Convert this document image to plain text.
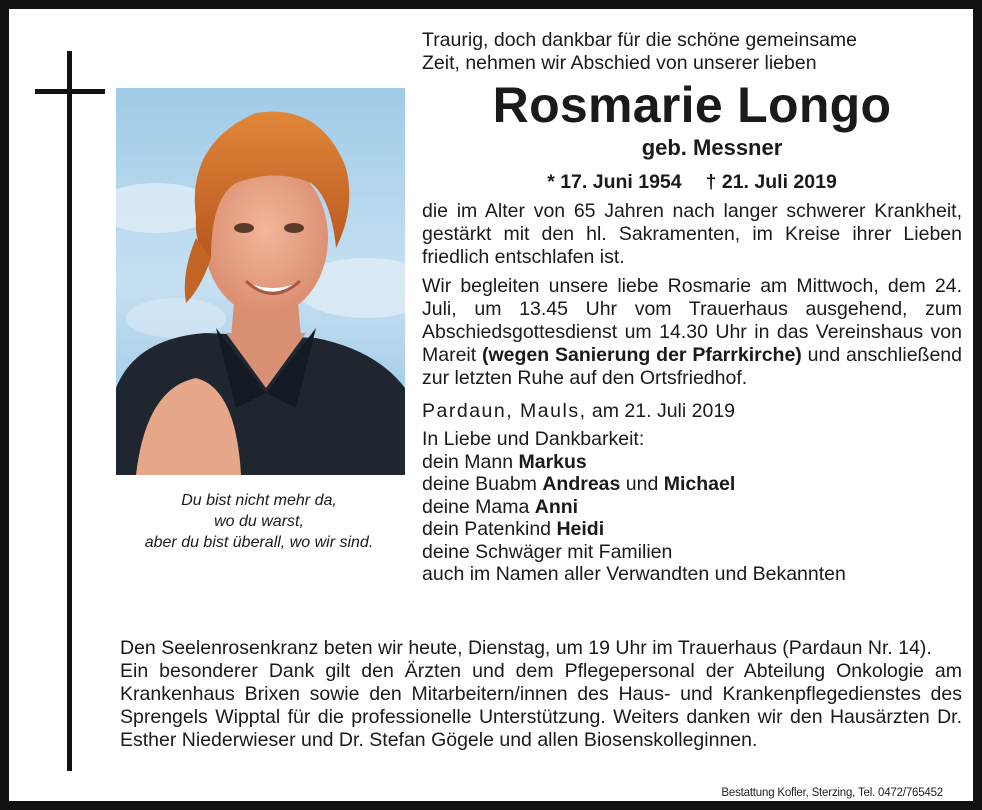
Du bist nicht mehr da,
wo du warst,
aber du bist überall, wo wir sind.
Traurig, doch dankbar für die schöne gemeinsame
Zeit, nehmen wir Abschied von unserer lieben
Rosmarie Longo
geb. Messner
* 17. Juni 1954 † 21. Juli 2019
die im Alter von 65 Jahren nach langer schwerer Krankheit, gestärkt mit den hl. Sakramenten, im Kreise ihrer Lieben friedlich entschlafen ist.
Wir begleiten unsere liebe Rosmarie am Mittwoch, dem 24. Juli, um 13.45 Uhr vom Trauerhaus ausgehend, zum Abschiedsgottesdienst um 14.30 Uhr in das Vereinshaus von Mareit (wegen Sanierung der Pfarrkirche) und anschließend zur letzten Ruhe auf den Ortsfriedhof.
Pardaun, Mauls, am 21. Juli 2019
In Liebe und Dankbarkeit:
dein Mann Markus
deine Buabm Andreas und Michael
deine Mama Anni
dein Patenkind Heidi
deine Schwäger mit Familien
auch im Namen aller Verwandten und Bekannten
Den Seelenrosenkranz beten wir heute, Dienstag, um 19 Uhr im Trauerhaus (Pardaun Nr. 14).
Ein besonderer Dank gilt den Ärzten und dem Pflegepersonal der Abteilung Onkologie am Krankenhaus Brixen sowie den Mitarbeitern/innen des Haus- und Krankenpflegedienstes des Sprengels Wipptal für die professionelle Unterstützung. Weiters danken wir den Hausärzten Dr. Esther Niederwieser und Dr. Stefan Gögele und allen Biosenskolleginnen.
Bestattung Kofler, Sterzing, Tel. 0472/765452
